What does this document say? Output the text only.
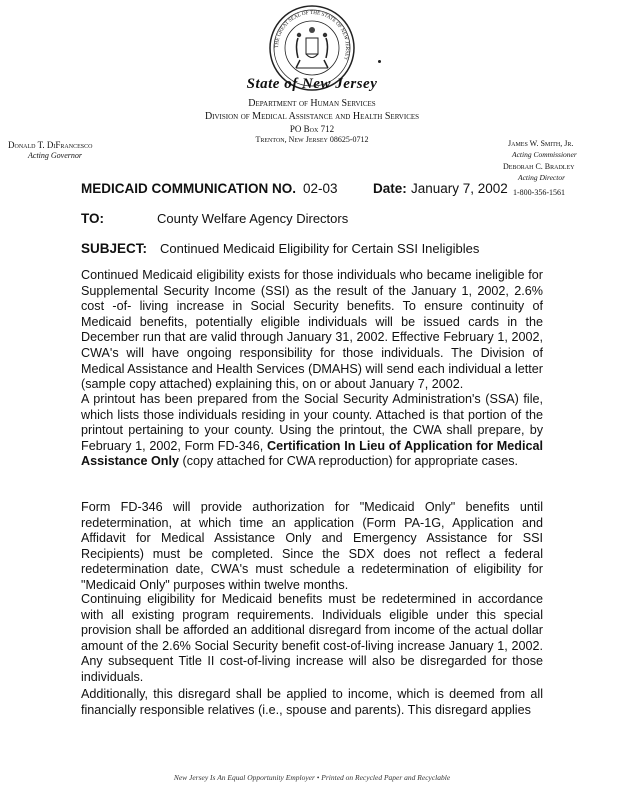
THE GREAT SEAL OF THE STATE OF NEW JERSEY
State of New Jersey
Department of Human Services
Division of Medical Assistance and Health Services
PO Box 712
Trenton, New Jersey 08625-0712
Donald T. DiFrancesco
Acting Governor
James W. Smith, Jr.
Acting Commissioner
Deborah C. Bradley
Acting Director
1-800-356-1561
MEDICAID COMMUNICATION NO. 02-03	Date: January 7, 2002
TO:	County Welfare Agency Directors
SUBJECT: Continued Medicaid Eligibility for Certain SSI Ineligibles

Continued Medicaid eligibility exists for those individuals who became ineligible for Supplemental Security Income (SSI) as the result of the January 1, 2002, 2.6% cost -of- living increase in Social Security benefits. To ensure continuity of Medicaid benefits, potentially eligible individuals will be issued cards in the December run that are valid through January 31, 2002. Effective February 1, 2002, CWA's will have ongoing responsibility for those individuals. The Division of Medical Assistance and Health Services (DMAHS) will send each individual a letter (sample copy attached) explaining this, on or about January 7, 2002.

A printout has been prepared from the Social Security Administration's (SSA) file, which lists those individuals residing in your county. Attached is that portion of the printout pertaining to your county. Using the printout, the CWA shall prepare, by February 1, 2002, Form FD-346, Certification In Lieu of Application for Medical Assistance Only (copy attached for CWA reproduction) for appropriate cases.

Form FD-346 will provide authorization for "Medicaid Only" benefits until redetermination, at which time an application (Form PA-1G, Application and Affidavit for Medical Assistance Only and Emergency Assistance for SSI Recipients) must be completed. Since the SDX does not reflect a federal redetermination date, CWA's must schedule a redetermination of eligibility for "Medicaid Only" purposes within twelve months.

Continuing eligibility for Medicaid benefits must be redetermined in accordance with all existing program requirements. Individuals eligible under this special provision shall be afforded an additional disregard from income of the actual dollar amount of the 2.6% Social Security benefit cost-of-living increase January 1, 2002. Any subsequent Title II cost-of-living increase will also be disregarded for those individuals.

Additionally, this disregard shall be applied to income, which is deemed from all financially responsible relatives (i.e., spouse and parents). This disregard applies

New Jersey Is An Equal Opportunity Employer • Printed on Recycled Paper and Recyclable
